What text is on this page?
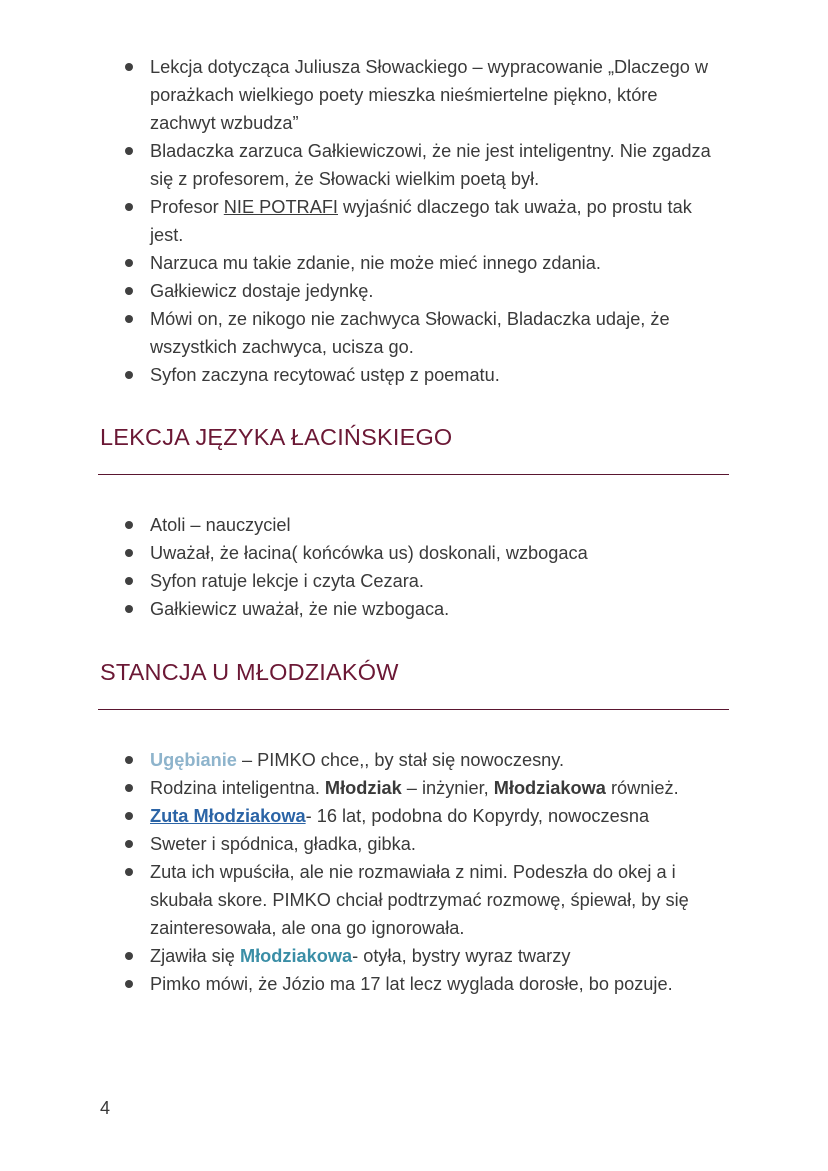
Lekcja dotycząca Juliusza Słowackiego – wypracowanie „Dlaczego w porażkach wielkiego poety mieszka nieśmiertelne piękno, które zachwyt wzbudza”
Bladaczka zarzuca Gałkiewiczowi, że nie jest inteligentny. Nie zgadza się z profesorem, że Słowacki wielkim poetą był.
Profesor NIE POTRAFI wyjaśnić dlaczego tak uważa, po prostu tak jest.
Narzuca mu takie zdanie, nie może mieć innego zdania.
Gałkiewicz dostaje jedynkę.
Mówi on, ze nikogo nie zachwyca Słowacki, Bladaczka udaje, że wszystkich zachwyca, ucisza go.
Syfon zaczyna recytować ustęp z poematu.
LEKCJA JĘZYKA ŁACIŃSKIEGO
Atoli – nauczyciel
Uważał, że łacina( końcówka us) doskonali, wzbogaca
Syfon ratuje lekcje i czyta Cezara.
Gałkiewicz uważał, że nie wzbogaca.
STANCJA U MŁODZIAKÓW
Ugębianie – PIMKO chce,, by stał się nowoczesny.
Rodzina inteligentna. Młodziak – inżynier, Młodziakowa również.
Zuta Młodziakowa- 16 lat, podobna do Kopyrdy, nowoczesna
Sweter i spódnica, gładka, gibka.
Zuta ich wpuściła, ale nie rozmawiała z nimi. Podeszła do okej a i skubała skore. PIMKO chciał podtrzymać rozmowę, śpiewał, by się zainteresowała, ale ona go ignorowała.
Zjawiła się Młodziakowa- otyła, bystry wyraz twarzy
Pimko mówi, że Józio ma 17 lat lecz wyglada dorosłe, bo pozuje.
4
